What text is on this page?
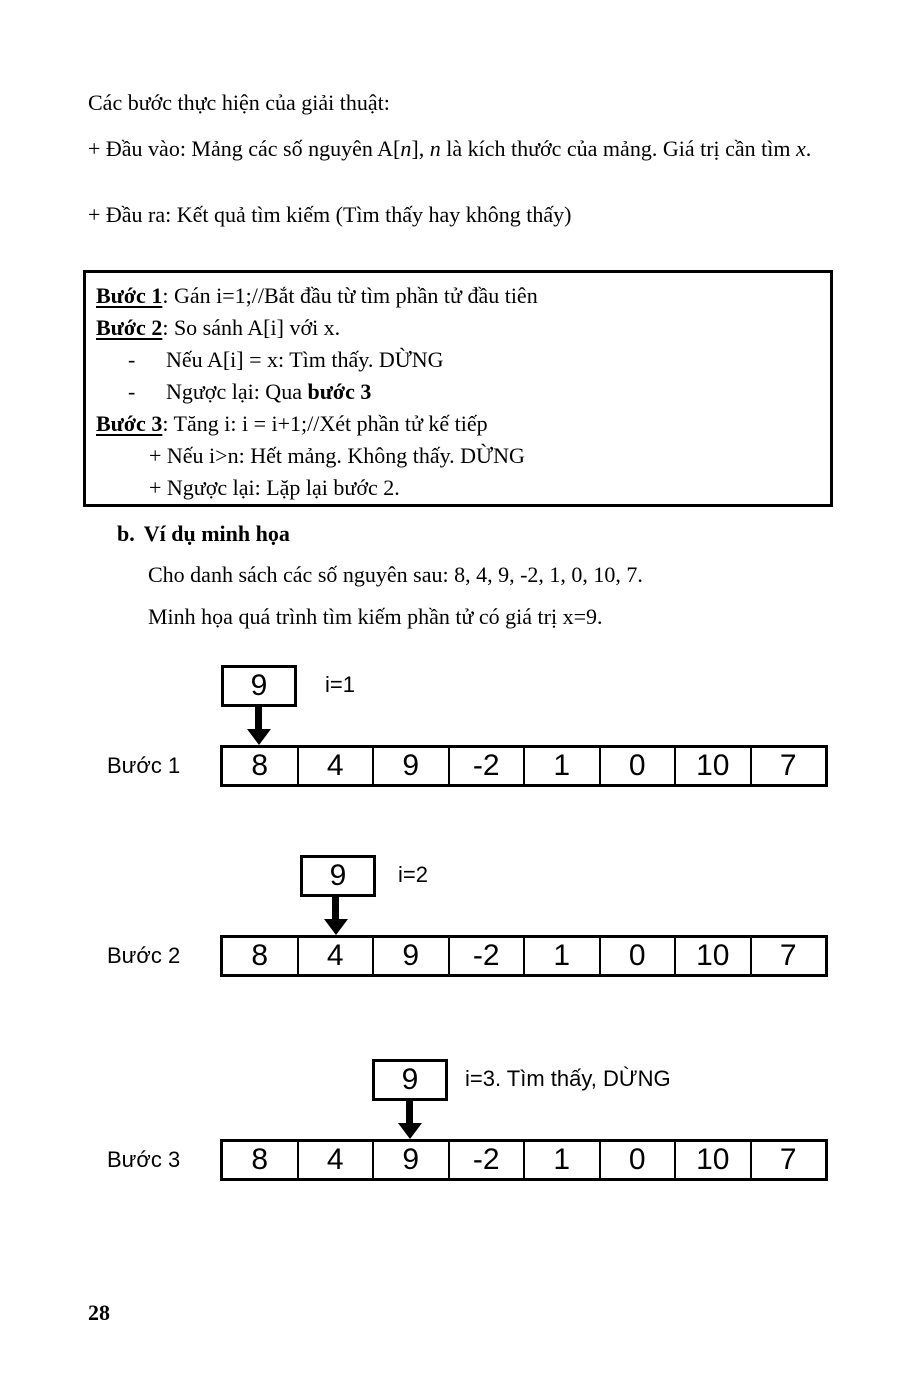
Các bước thực hiện của giải thuật:

+ Đầu vào: Mảng các số nguyên A[n], n là kích thước của mảng. Giá trị cần tìm x.

+ Đầu ra: Kết quả tìm kiếm (Tìm thấy hay không thấy)

Bước 1: Gán i=1;//Bắt đầu từ tìm phần tử đầu tiên
Bước 2: So sánh A[i] với x.
- Nếu A[i] = x: Tìm thấy. DỪNG
- Ngược lại: Qua bước 3
Bước 3: Tăng i: i = i+1;//Xét phần tử kế tiếp
+ Nếu i>n: Hết mảng. Không thấy. DỪNG
+ Ngược lại: Lặp lại bước 2.

b. Ví dụ minh họa

Cho danh sách các số nguyên sau: 8, 4, 9, -2, 1, 0, 10, 7.

Minh họa quá trình tìm kiếm phần tử có giá trị x=9.

Bước 1
9	i=1
8	4	9	-2	1	0	10	7
Bước 2
9	i=2
8	4	9	-2	1	0	10	7
Bước 3
9	i=3. Tìm thấy, DỪNG
8	4	9	-2	1	0	10	7
28
